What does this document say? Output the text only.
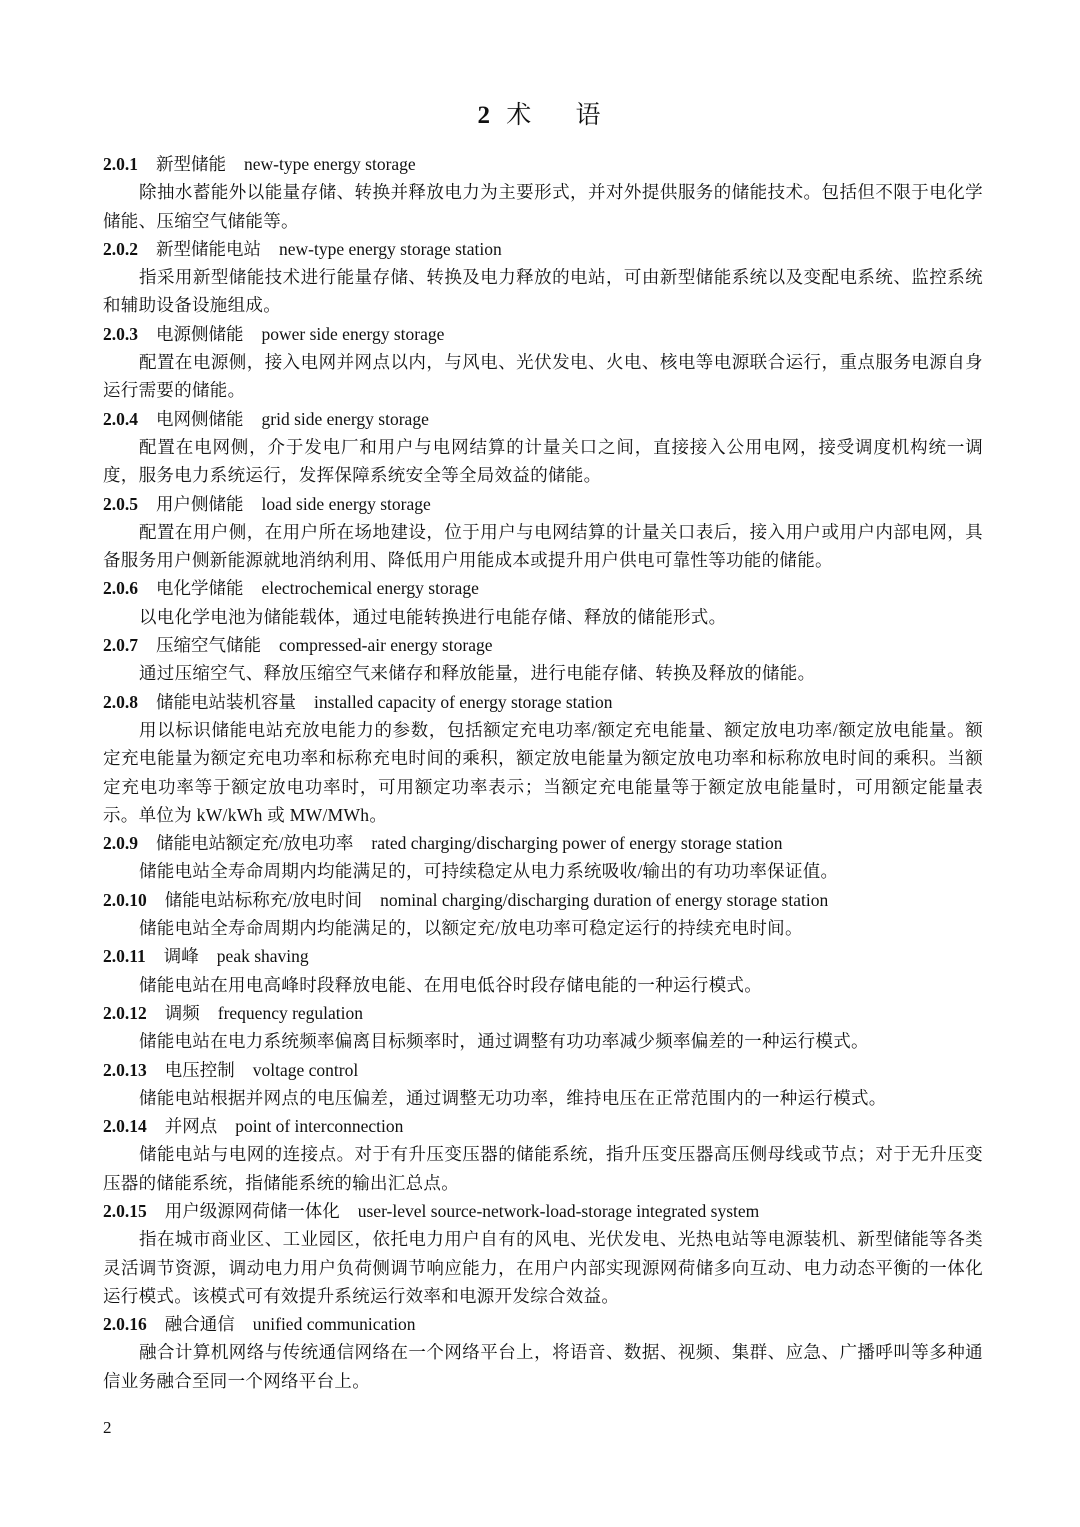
2 术 语
2.0.1 新型储能 new-type energy storage
除抽水蓄能外以能量存储、转换并释放电力为主要形式，并对外提供服务的储能技术。包括但不限于电化学储能、压缩空气储能等。
2.0.2 新型储能电站 new-type energy storage station
指采用新型储能技术进行能量存储、转换及电力释放的电站，可由新型储能系统以及变配电系统、监控系统和辅助设备设施组成。
2.0.3 电源侧储能 power side energy storage
配置在电源侧，接入电网并网点以内，与风电、光伏发电、火电、核电等电源联合运行，重点服务电源自身运行需要的储能。
2.0.4 电网侧储能 grid side energy storage
配置在电网侧，介于发电厂和用户与电网结算的计量关口之间，直接接入公用电网，接受调度机构统一调度，服务电力系统运行，发挥保障系统安全等全局效益的储能。
2.0.5 用户侧储能 load side energy storage
配置在用户侧，在用户所在场地建设，位于用户与电网结算的计量关口表后，接入用户或用户内部电网，具备服务用户侧新能源就地消纳利用、降低用户用能成本或提升用户供电可靠性等功能的储能。
2.0.6 电化学储能 electrochemical energy storage
以电化学电池为储能载体，通过电能转换进行电能存储、释放的储能形式。
2.0.7 压缩空气储能 compressed-air energy storage
通过压缩空气、释放压缩空气来储存和释放能量，进行电能存储、转换及释放的储能。
2.0.8 储能电站装机容量 installed capacity of energy storage station
用以标识储能电站充放电能力的参数，包括额定充电功率/额定充电能量、额定放电功率/额定放电能量。额定充电能量为额定充电功率和标称充电时间的乘积，额定放电能量为额定放电功率和标称放电时间的乘积。当额定充电功率等于额定放电功率时，可用额定功率表示；当额定充电能量等于额定放电能量时，可用额定能量表示。单位为 kW/kWh 或 MW/MWh。
2.0.9 储能电站额定充/放电功率 rated charging/discharging power of energy storage station
储能电站全寿命周期内均能满足的，可持续稳定从电力系统吸收/输出的有功功率保证值。
2.0.10 储能电站标称充/放电时间 nominal charging/discharging duration of energy storage station
储能电站全寿命周期内均能满足的，以额定充/放电功率可稳定运行的持续充电时间。
2.0.11 调峰 peak shaving
储能电站在用电高峰时段释放电能、在用电低谷时段存储电能的一种运行模式。
2.0.12 调频 frequency regulation
储能电站在电力系统频率偏离目标频率时，通过调整有功功率减少频率偏差的一种运行模式。
2.0.13 电压控制 voltage control
储能电站根据并网点的电压偏差，通过调整无功功率，维持电压在正常范围内的一种运行模式。
2.0.14 并网点 point of interconnection
储能电站与电网的连接点。对于有升压变压器的储能系统，指升压变压器高压侧母线或节点；对于无升压变压器的储能系统，指储能系统的输出汇总点。
2.0.15 用户级源网荷储一体化 user-level source-network-load-storage integrated system
指在城市商业区、工业园区，依托电力用户自有的风电、光伏发电、光热电站等电源装机、新型储能等各类灵活调节资源，调动电力用户负荷侧调节响应能力，在用户内部实现源网荷储多向互动、电力动态平衡的一体化运行模式。该模式可有效提升系统运行效率和电源开发综合效益。
2.0.16 融合通信 unified communication
融合计算机网络与传统通信网络在一个网络平台上，将语音、数据、视频、集群、应急、广播呼叫等多种通信业务融合至同一个网络平台上。
2
